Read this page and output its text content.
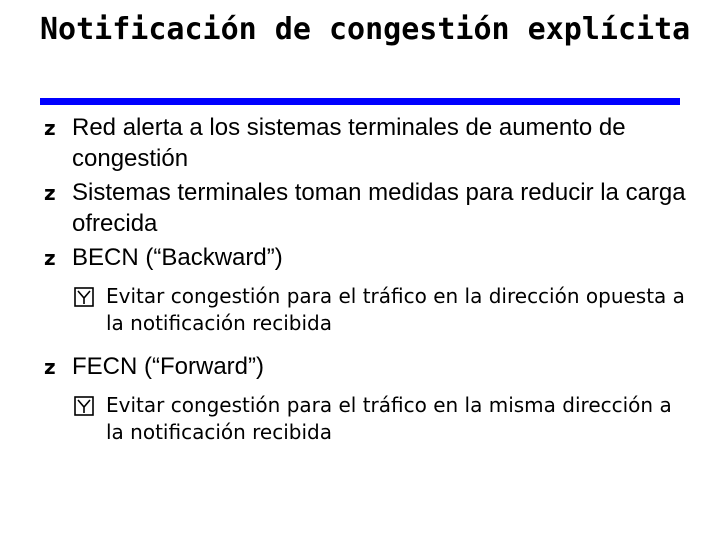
Notificación de congestión explícita
z Red alerta a los sistemas terminales de aumento de congestión
z Sistemas terminales toman medidas para reducir la carga ofrecida
z BECN (“Backward”)
Evitar congestión para el tráfico en la dirección opuesta a la notificación recibida
z FECN (“Forward”)
Evitar congestión para el tráfico en la misma dirección a la notificación recibida
